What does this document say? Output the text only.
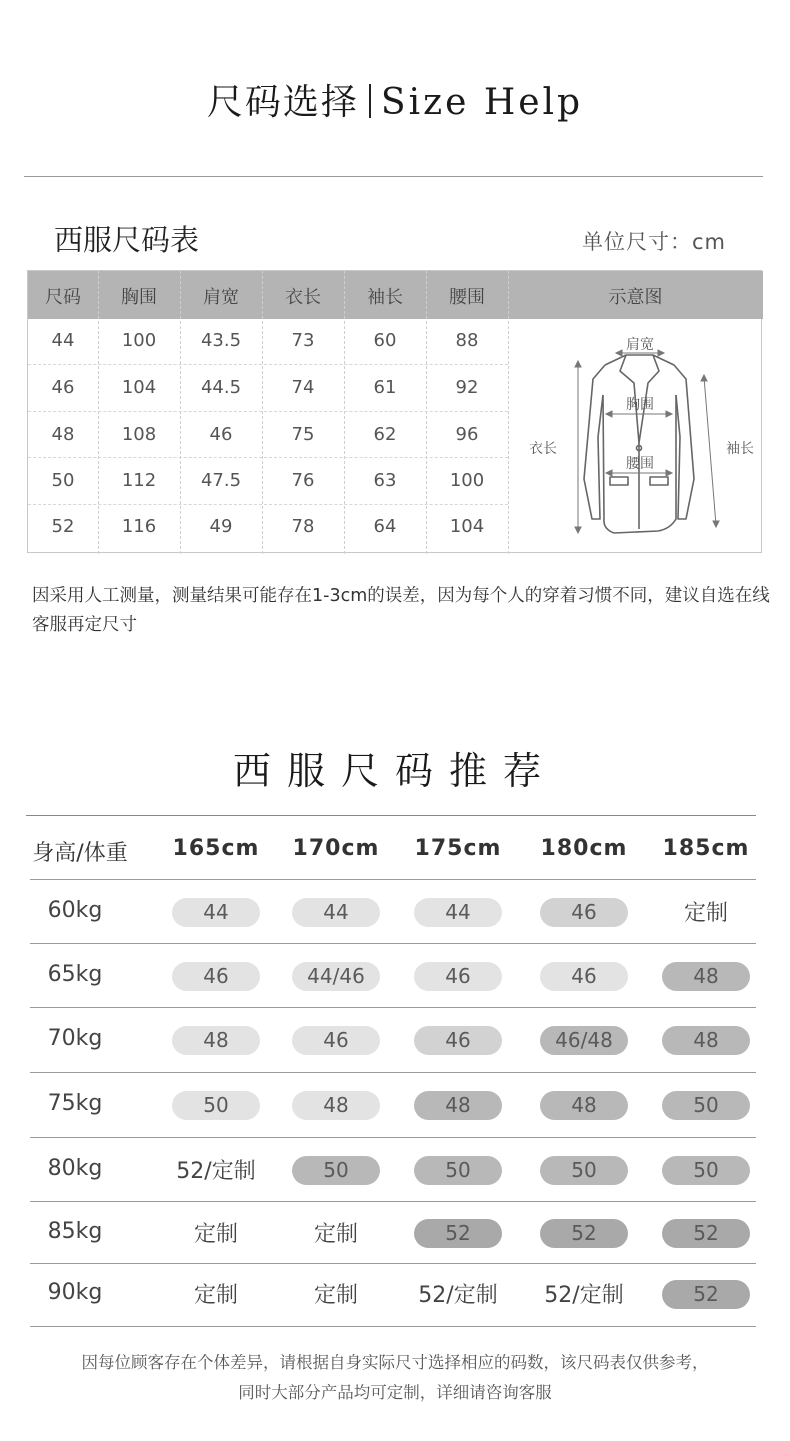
尺码选择 Size Help
西服尺码表	单位尺寸：cm
尺码	胸围	肩宽	衣长	袖长	腰围	示意图
44	100	43.5	73	60	88
46	104	44.5	74	61	92
48	108	46	75	62	96
50	112	47.5	76	63	100
52	116	49	78	64	104
肩宽
胸围
腰围
衣长	袖长
因采用人工测量，测量结果可能存在1-3cm的误差，因为每个人的穿着习惯不同，建议自选在线客服再定尺寸
西服尺码推荐
身高/体重	165cm	170cm	175cm	180cm	185cm
60kg	44	44	44	46	定制
65kg	46	44/46	46	46	48
70kg	48	46	46	46/48	48
75kg	50	48	48	48	50
80kg	52/定制	50	50	50	50
85kg	定制	定制	52	52	52
90kg	定制	定制	52/定制	52/定制	52
因每位顾客存在个体差异，请根据自身实际尺寸选择相应的码数，该尺码表仅供参考，
同时大部分产品均可定制，详细请咨询客服
